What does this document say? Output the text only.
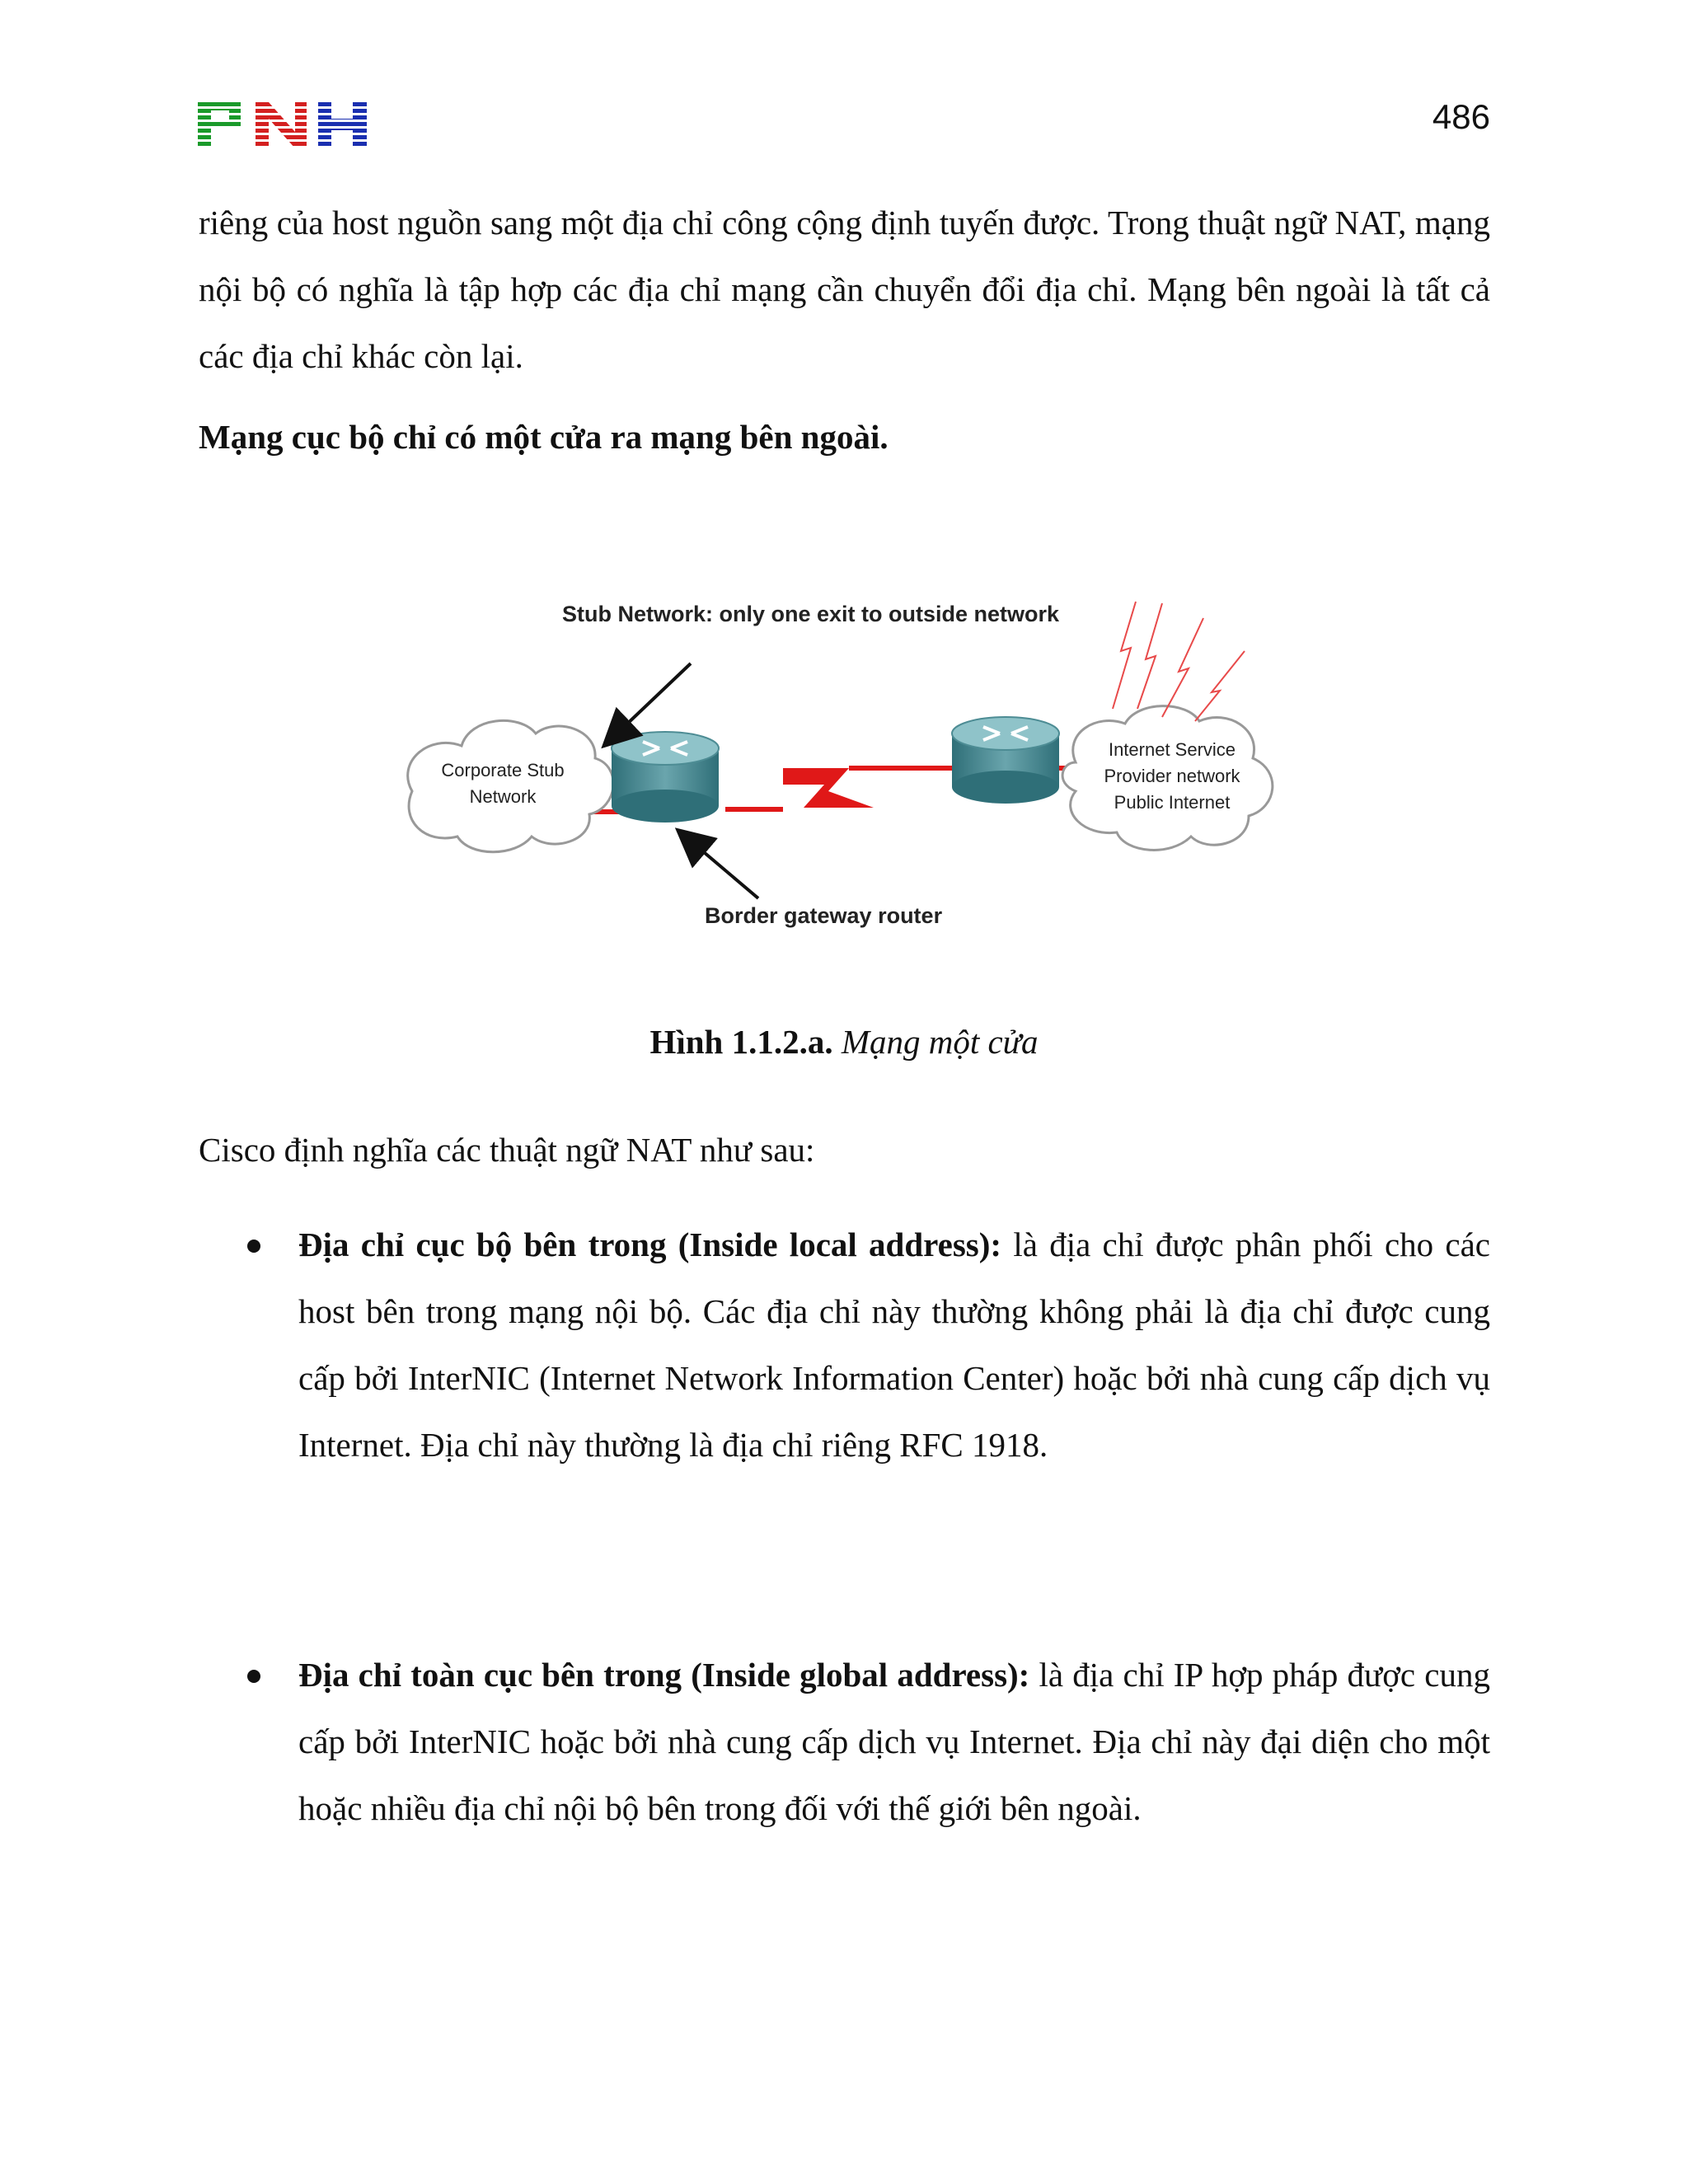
486
riêng của host nguồn sang một địa chỉ công cộng định tuyến được. Trong thuật ngữ NAT, mạng nội bộ có nghĩa là tập hợp các địa chỉ mạng cần chuyển đổi địa chỉ. Mạng bên ngoài là tất cả các địa chỉ khác còn lại.
Mạng cục bộ chỉ có một cửa ra mạng bên ngoài.
Stub Network: only one exit to outside network
Corporate Stub
Network
Internet Service
Provider network
Public Internet
Border gateway router
Hình 1.1.2.a. Mạng một cửa
Cisco định nghĩa các thuật ngữ NAT như sau:
Địa chỉ cục bộ bên trong (Inside local address): là địa chỉ được phân phối cho các host bên trong mạng nội bộ. Các địa chỉ này thường không phải là địa chỉ được cung cấp bởi InterNIC (Internet Network Information Center) hoặc bởi nhà cung cấp dịch vụ Internet. Địa chỉ này thường là địa chỉ riêng RFC 1918.
Địa chỉ toàn cục bên trong (Inside global address): là địa chỉ IP hợp pháp được cung cấp bởi InterNIC hoặc bởi nhà cung cấp dịch vụ Internet. Địa chỉ này đại diện cho một hoặc nhiều địa chỉ nội bộ bên trong đối với thế giới bên ngoài.
